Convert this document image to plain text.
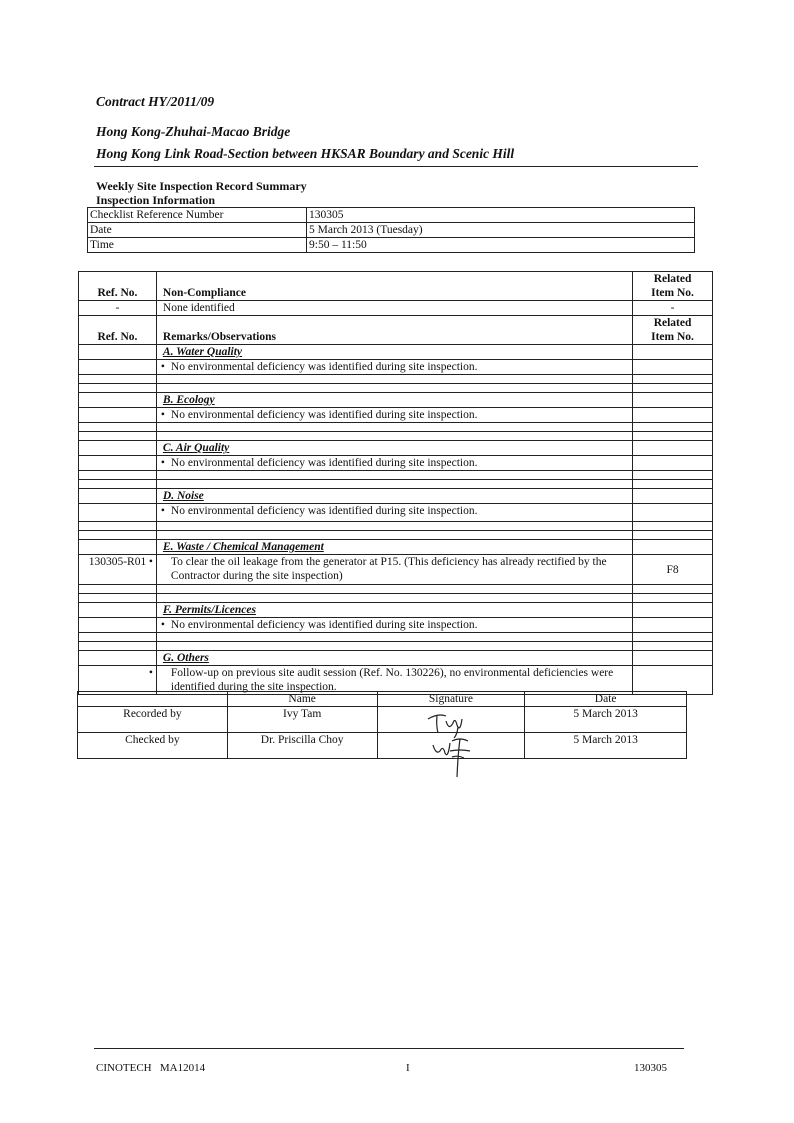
Contract HY/2011/09
Hong Kong-Zhuhai-Macao Bridge
Hong Kong Link Road-Section between HKSAR Boundary and Scenic Hill
Weekly Site Inspection Record Summary
Inspection Information
Checklist Reference Number	130305
Date	5 March 2013 (Tuesday)
Time	9:50 – 11:50
Ref. No.	Non-Compliance	Related
Item No.
-	None identified	-
Ref. No.	Remarks/Observations	Related
Item No.
	A. Water Quality	
	• No environmental deficiency was identified during site inspection.	

	B. Ecology	
	• No environmental deficiency was identified during site inspection.	

	C. Air Quality	
	• No environmental deficiency was identified during site inspection.	

	D. Noise	
	• No environmental deficiency was identified during site inspection.	

	E. Waste / Chemical Management	
130305-R01	• To clear the oil leakage from the generator at P15. (This deficiency has already rectified by the Contractor during the site inspection)	F8

	F. Permits/Licences	
	• No environmental deficiency was identified during site inspection.	

	G. Others	
	• Follow-up on previous site audit session (Ref. No. 130226), no environmental deficiencies were identified during the site inspection.	
	Name	Signature	Date
Recorded by	Ivy Tam		5 March 2013
Checked by	Dr. Priscilla Choy		5 March 2013
CINOTECH MA12014	I	130305
